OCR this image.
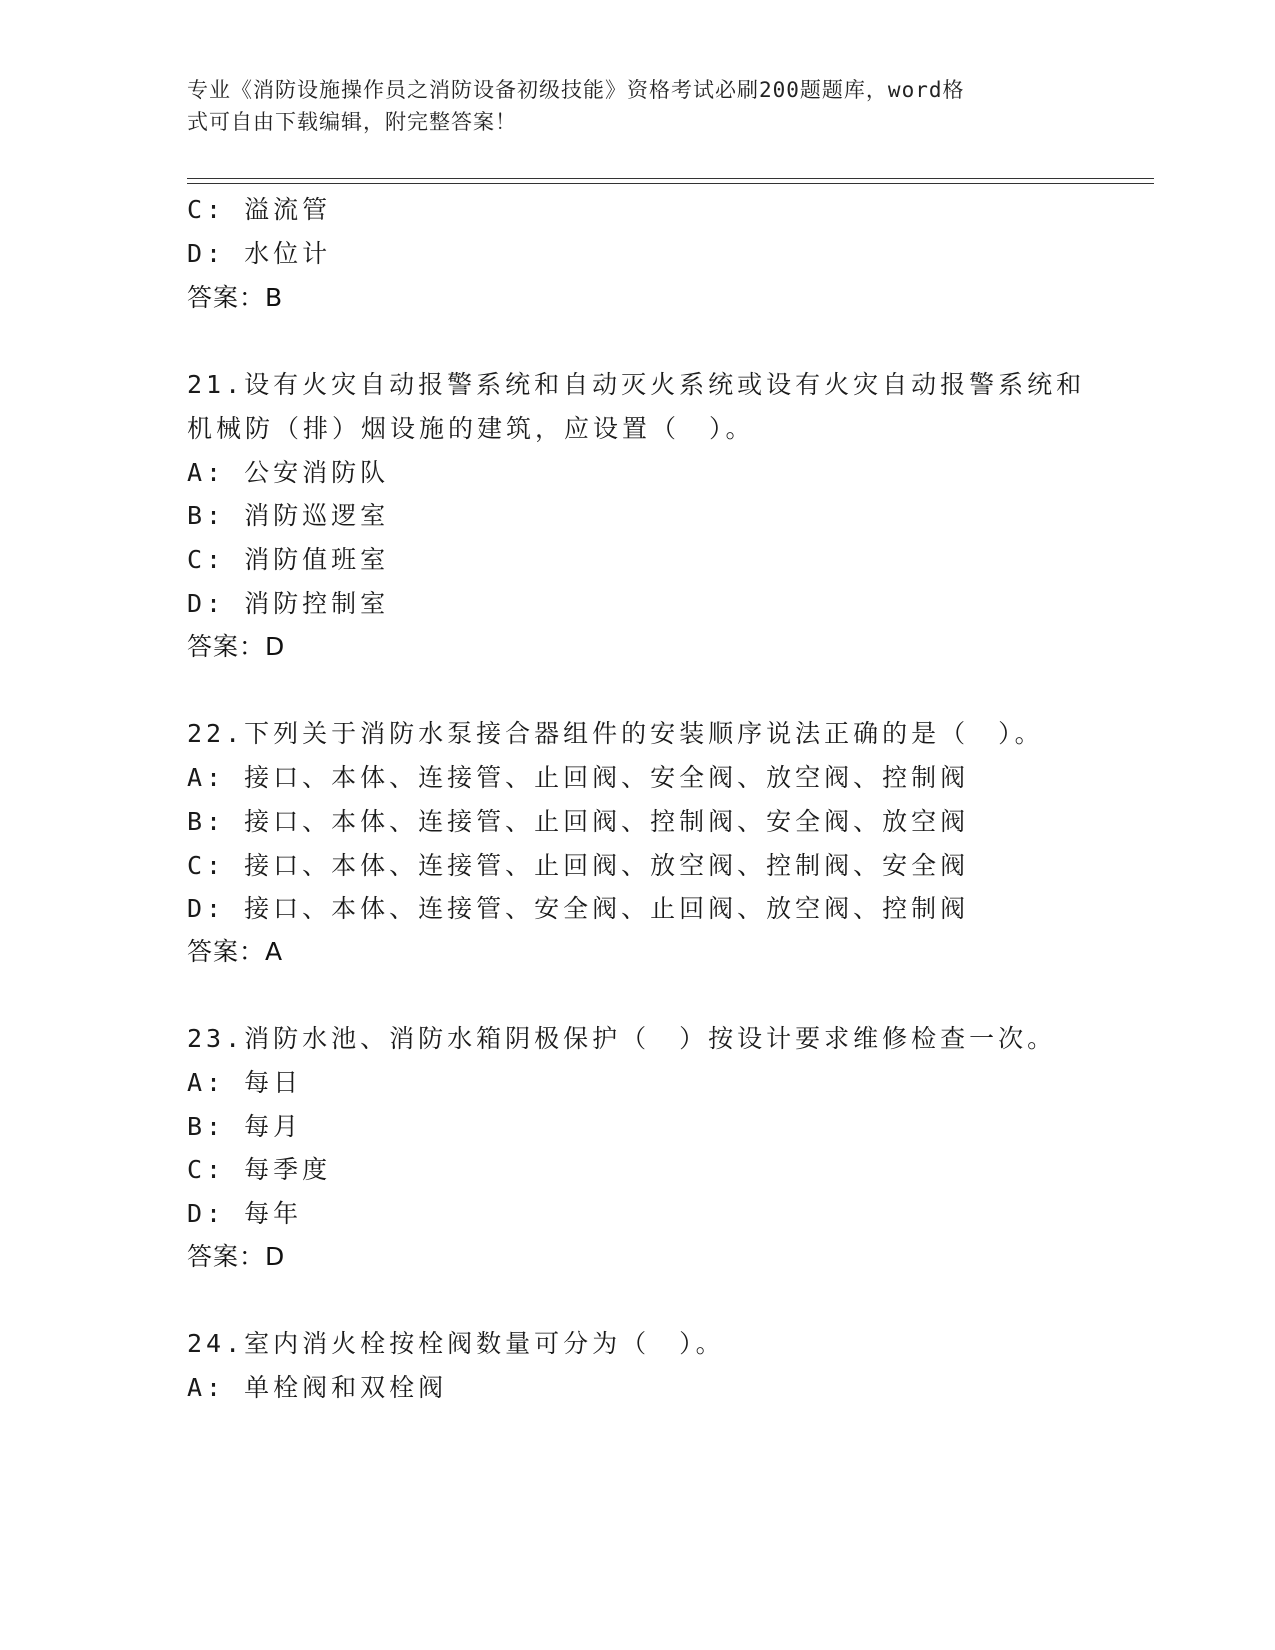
专业《消防设施操作员之消防设备初级技能》资格考试必刷200题题库，word格
式可自由下载编辑，附完整答案！
C: 溢流管
D: 水位计
答案：B
21.设有火灾自动报警系统和自动灭火系统或设有火灾自动报警系统和
机械防（排）烟设施的建筑，应设置（　）。
A: 公安消防队
B: 消防巡逻室
C: 消防值班室
D: 消防控制室
答案：D
22.下列关于消防水泵接合器组件的安装顺序说法正确的是（　）。
A: 接口、本体、连接管、止回阀、安全阀、放空阀、控制阀
B: 接口、本体、连接管、止回阀、控制阀、安全阀、放空阀
C: 接口、本体、连接管、止回阀、放空阀、控制阀、安全阀
D: 接口、本体、连接管、安全阀、止回阀、放空阀、控制阀
答案：A
23.消防水池、消防水箱阴极保护（　）按设计要求维修检查一次。
A: 每日
B: 每月
C: 每季度
D: 每年
答案：D
24.室内消火栓按栓阀数量可分为（　）。
A: 单栓阀和双栓阀
